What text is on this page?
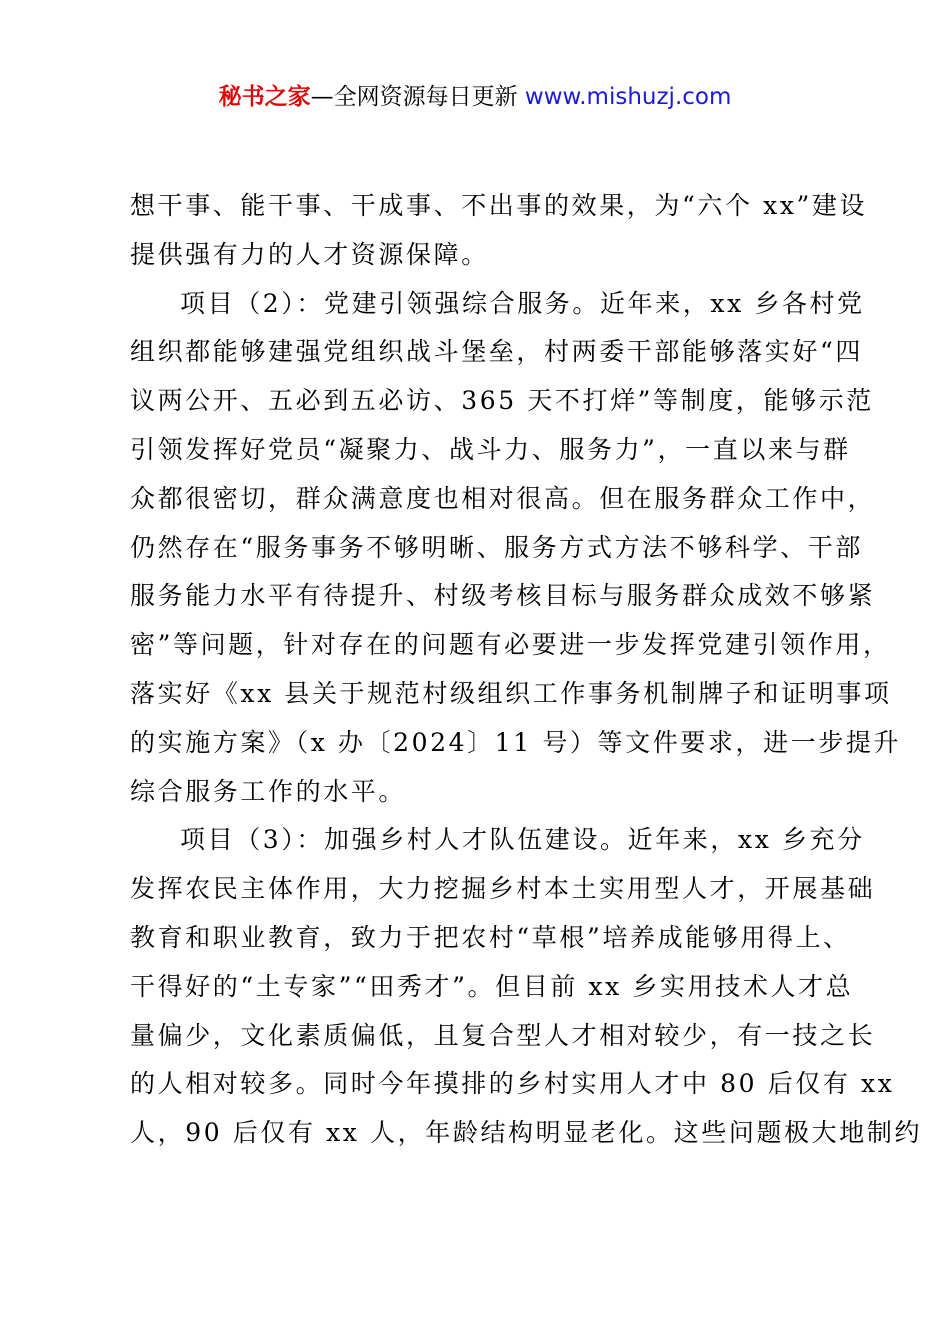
秘书之家—全网资源每日更新 www.mishuzj.com
想干事、能干事、干成事、不出事的效果，为“六个 xx”建设
提供强有力的人才资源保障。
项目（2）：党建引领强综合服务。近年来，xx 乡各村党
组织都能够建强党组织战斗堡垒，村两委干部能够落实好“四
议两公开、五必到五必访、365 天不打烊”等制度，能够示范
引领发挥好党员“凝聚力、战斗力、服务力”，一直以来与群
众都很密切，群众满意度也相对很高。但在服务群众工作中，
仍然存在“服务事务不够明晰、服务方式方法不够科学、干部
服务能力水平有待提升、村级考核目标与服务群众成效不够紧
密”等问题，针对存在的问题有必要进一步发挥党建引领作用，
落实好《xx 县关于规范村级组织工作事务机制牌子和证明事项
的实施方案》（x 办〔2024〕11 号）等文件要求，进一步提升
综合服务工作的水平。
项目（3）：加强乡村人才队伍建设。近年来，xx 乡充分
发挥农民主体作用，大力挖掘乡村本土实用型人才，开展基础
教育和职业教育，致力于把农村“草根”培养成能够用得上、
干得好的“土专家”“田秀才”。但目前 xx 乡实用技术人才总
量偏少，文化素质偏低，且复合型人才相对较少，有一技之长
的人相对较多。同时今年摸排的乡村实用人才中 80 后仅有 xx
人，90 后仅有 xx 人，年龄结构明显老化。这些问题极大地制约
